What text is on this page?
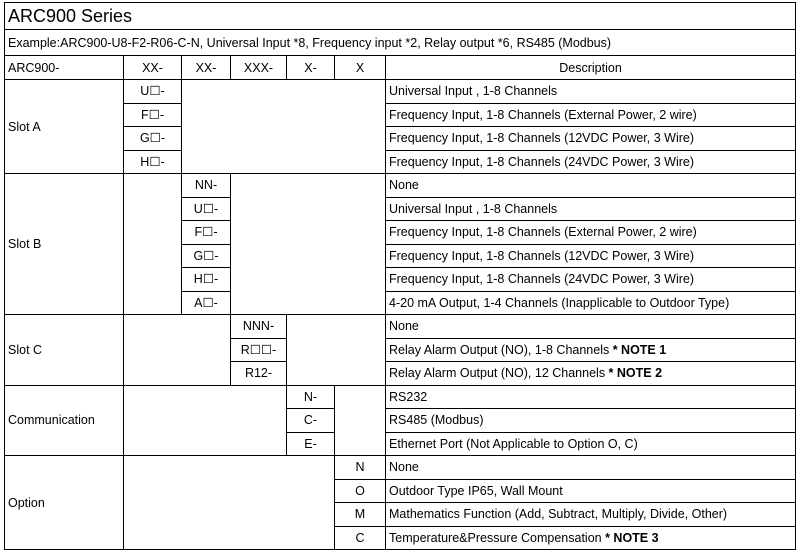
ARC900 Series						
Example:ARC900-U8-F2-R06-C-N, Universal Input *8, Frequency input *2, Relay output *6, RS485 (Modbus)						
ARC900-	XX-	XX-	XXX-	X-	X	Description
Slot A	U☐-					Universal Input , 1-8 Channels
	F☐-					Frequency Input, 1-8 Channels (External Power, 2 wire)
	G☐-					Frequency Input, 1-8 Channels (12VDC Power, 3 Wire)
	H☐-					Frequency Input, 1-8 Channels (24VDC Power, 3 Wire)
Slot B		NN-				None
		U☐-				Universal Input , 1-8 Channels
		F☐-				Frequency Input, 1-8 Channels (External Power, 2 wire)
		G☐-				Frequency Input, 1-8 Channels (12VDC Power, 3 Wire)
		H☐-				Frequency Input, 1-8 Channels (24VDC Power, 3 Wire)
		A☐-				4-20 mA Output, 1-4 Channels (Inapplicable to Outdoor Type)
Slot C			NNN-			None
			R☐☐-			Relay Alarm Output (NO), 1-8 Channels * NOTE 1
			R12-			Relay Alarm Output (NO), 12 Channels * NOTE 2
Communication				N-		RS232
				C-		RS485 (Modbus)
				E-		Ethernet Port (Not Applicable to Option O, C)
Option					N	None
					O	Outdoor Type IP65, Wall Mount
					M	Mathematics Function (Add, Subtract, Multiply, Divide, Other)
					C	Temperature&Pressure Compensation * NOTE 3
